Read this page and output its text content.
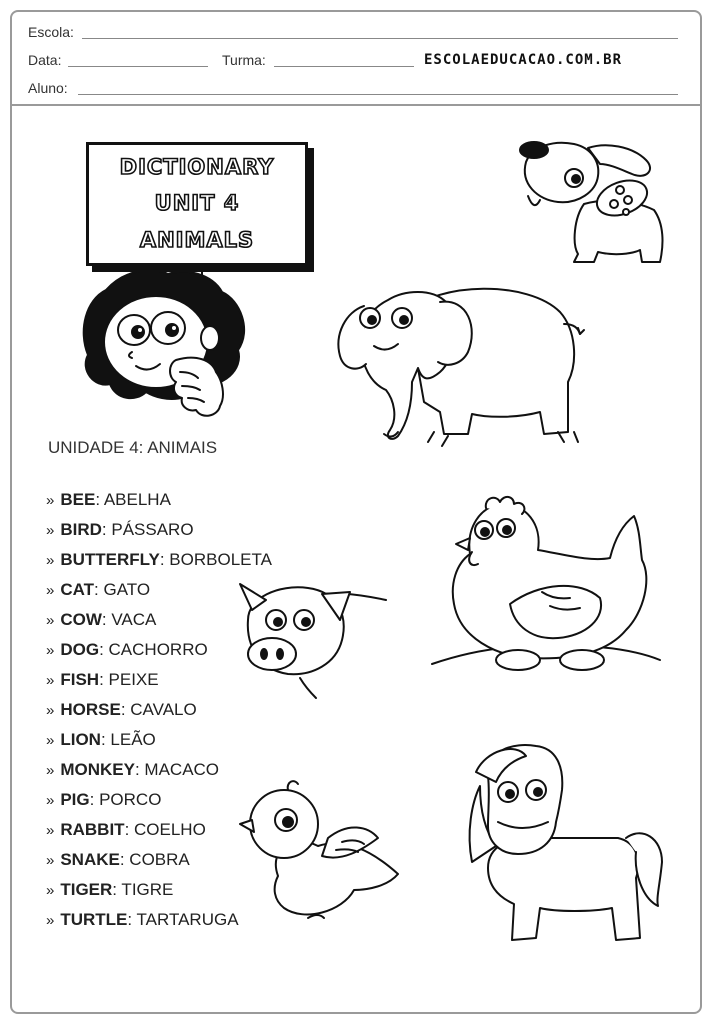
Escola:
Data:	Turma:	ESCOLAEDUCACAO.COM.BR
Aluno:
DICTIONARY
UNIT 4
ANIMALS
UNIDADE 4: ANIMAIS
» BEE: ABELHA
» BIRD: PÁSSARO
» BUTTERFLY: BORBOLETA
» CAT: GATO
» COW: VACA
» DOG: CACHORRO
» FISH: PEIXE
» HORSE: CAVALO
» LION: LEÃO
» MONKEY: MACACO
» PIG: PORCO
» RABBIT: COELHO
» SNAKE: COBRA
» TIGER: TIGRE
» TURTLE: TARTARUGA
